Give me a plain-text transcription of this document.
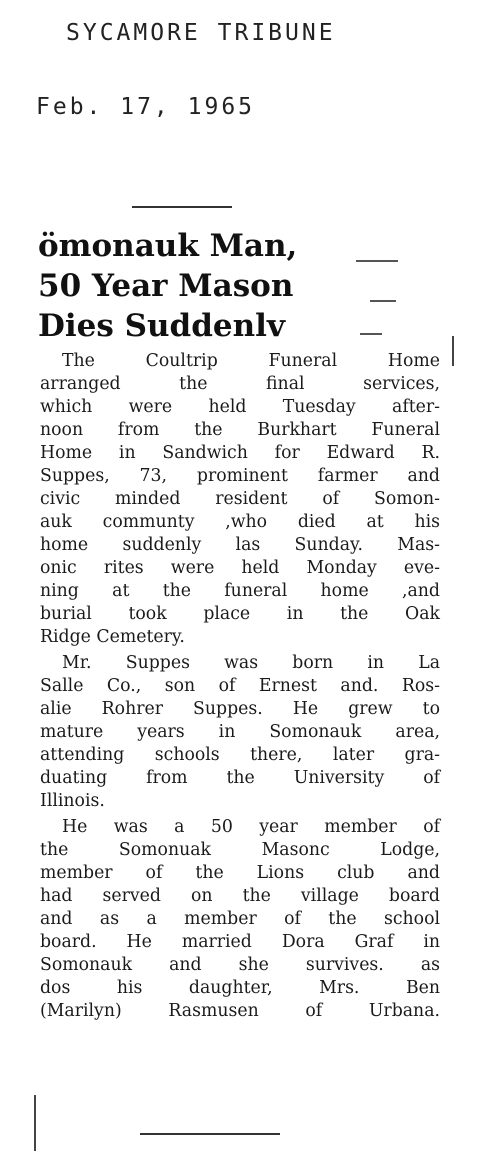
SYCAMORE TRIBUNE
Feb. 17, 1965
ömonauk Man,
50 Year Mason
Dies Suddenlv
The Coultrip Funeral Home
arranged the final services,
which were held Tuesday after-
noon from the Burkhart Funeral
Home in Sandwich for Edward R.
Suppes, 73, prominent farmer and
civic minded resident of Somon-
auk communty ,who died at his
home suddenly las Sunday. Mas-
onic rites were held Monday eve-
ning at the funeral home ,and
burial took place in the Oak
Ridge Cemetery.
Mr. Suppes was born in La
Salle Co., son of Ernest and. Ros-
alie Rohrer Suppes. He grew to
mature years in Somonauk area,
attending schools there, later gra-
duating from the University of
Illinois.
He was a 50 year member of
the Somonuak Masonc Lodge,
member of the Lions club and
had served on the village board
and as a member of the school
board. He married Dora Graf in
Somonauk and she survives. as
dos his daughter, Mrs. Ben
(Marilyn) Rasmusen of Urbana.
